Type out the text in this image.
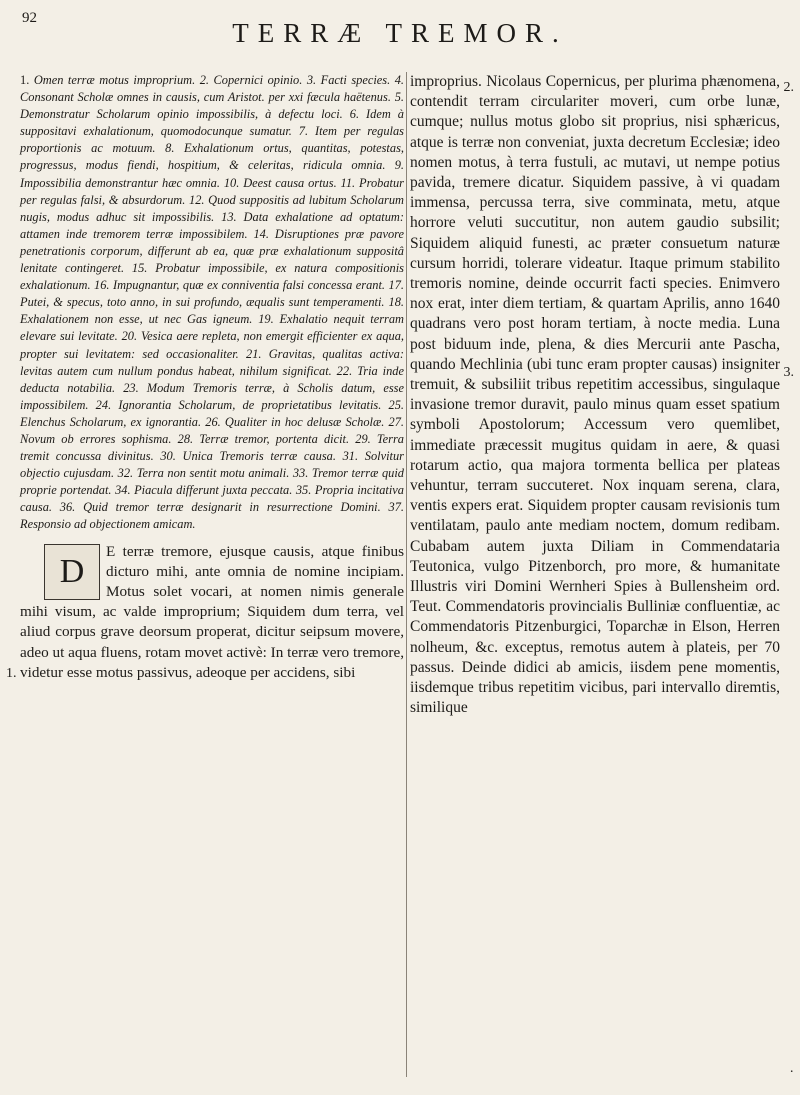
92	TERRÆ TREMOR.
1. Omen terræ motus improprium. 2. Copernici opinio. 3. Facti species. 4. Consonant Scholæ omnes in causis, cum Aristot. per xxi fæcula haëtenus. 5. Demonstratur Scholarum opinio impossibilis, à defectu loci. 6. Idem à suppositavi exhalationum, quomodocunque sumatur. 7. Item per regulas proportionis ac motuum. 8. Exhalationum ortus, quantitas, potestas, progressus, modus fiendi, hospitium, & celeritas, ridicula omnia. 9. Impossibilia demonstrantur hæc omnia. 10. Deest causa ortus. 11. Probatur per regulas falsi, & absurdorum. 12. Quod suppositis ad lubitum Scholarum nugis, modus adhuc sit impossibilis. 13. Data exhalatione ad optatum: attamen inde tremorem terræ impossibilem. 14. Disruptiones præ pavore penetrationis corporum, differunt ab ea, quæ præ exhalationum suppositâ lenitate contingeret. 15. Probatur impossibile, ex natura compositionis exhalationum. 16. Impugnantur, quæ ex conniventia falsi concessa erant. 17. Putei, & specus, toto anno, in sui profundo, æqualis sunt temperamenti. 18. Exhalationem non esse, ut nec Gas igneum. 19. Exhalatio nequit terram elevare sui levitate. 20. Vesica aere repleta, non emergit efficienter ex aqua, propter sui levitatem: sed occasionaliter. 21. Gravitas, qualitas activa: levitas autem cum nullum pondus habeat, nihilum significat. 22. Tria inde deducta notabilia. 23. Modum Tremoris terræ, à Scholis datum, esse impossibilem. 24. Ignorantia Scholarum, de proprietatibus levitatis. 25. Elenchus Scholarum, ex ignorantia. 26. Qualiter in hoc delusæ Scholæ. 27. Novum ob errores sophisma. 28. Terræ tremor, portenta dicit. 29. Terra tremit concussa divinitus. 30. Unica Tremoris terræ causa. 31. Solvitur objectio cujusdam. 32. Terra non sentit motu animali. 33. Tremor terræ quid proprie portendat. 34. Piacula differunt juxta peccata. 35. Propria incitativa causa. 36. Quid tremor terræ designarit in resurrectione Domini. 37. Responsio ad objectionem amicam.
D
E terræ tremore, ejusque causis, atque finibus dicturo mihi, ante omnia de nomine incipiam. Motus solet vocari, at nomen nimis generale mihi visum, ac valde improprium; Siquidem dum terra, vel aliud corpus grave deorsum properat, dicitur seipsum movere, adeo ut aqua fluens, rotam movet activè: In terræ vero tremore, videtur esse motus passivus, adeoque per accidens, sibi
1.
improprius. Nicolaus Copernicus, per plurima phænomena, contendit terram circulariter moveri, cum orbe lunæ, cumque; nullus motus globo sit proprius, nisi sphæricus, atque is terræ non conveniat, juxta decretum Ecclesiæ; ideo nomen motus, à terra fustuli, ac mutavi, ut nempe potius pavida, tremere dicatur. Siquidem passive, à vi quadam immensa, percussa terra, sive comminata, metu, atque horrore veluti succutitur, non autem gaudio subsilit; Siquidem aliquid funesti, ac præter consuetum naturæ cursum horridi, tolerare videatur. Itaque primum stabilito tremoris nomine, deinde occurrit facti species. Enimvero nox erat, inter diem tertiam, & quartam Aprilis, anno 1640 quadrans vero post horam tertiam, à nocte media. Luna post biduum inde, plena, & dies Mercurii ante Pascha, quando Mechlinia (ubi tunc eram propter causas) insigniter tremuit, & subsiliit tribus repetitim accessibus, singulaque invasione tremor duravit, paulo minus quam esset spatium symboli Apostolorum; Accessum vero quemlibet, immediate præcessit mugitus quidam in aere, & quasi rotarum actio, qua majora tormenta bellica per plateas vehuntur, terram succuteret. Nox inquam serena, clara, ventis expers erat. Siquidem propter causam revisionis tum ventilatam, paulo ante mediam noctem, domum redibam. Cubabam autem juxta Diliam in Commendataria Teutonica, vulgo Pitzenborch, pro more, & humanitate Illustris viri Domini Wernheri Spies à Bullensheim ord. Teut. Commendatoris provincialis Bulliniæ confluentiæ, ac Commendatoris Pitzenburgici, Toparchæ in Elson, Herren nolheum, &c. exceptus, remotus autem à plateis, per 70 passus. Deinde didici ab amicis, iisdem pene momentis, iisdemque tribus repetitim vicibus, pari intervallo diremtis, similique
2.
3.
·
